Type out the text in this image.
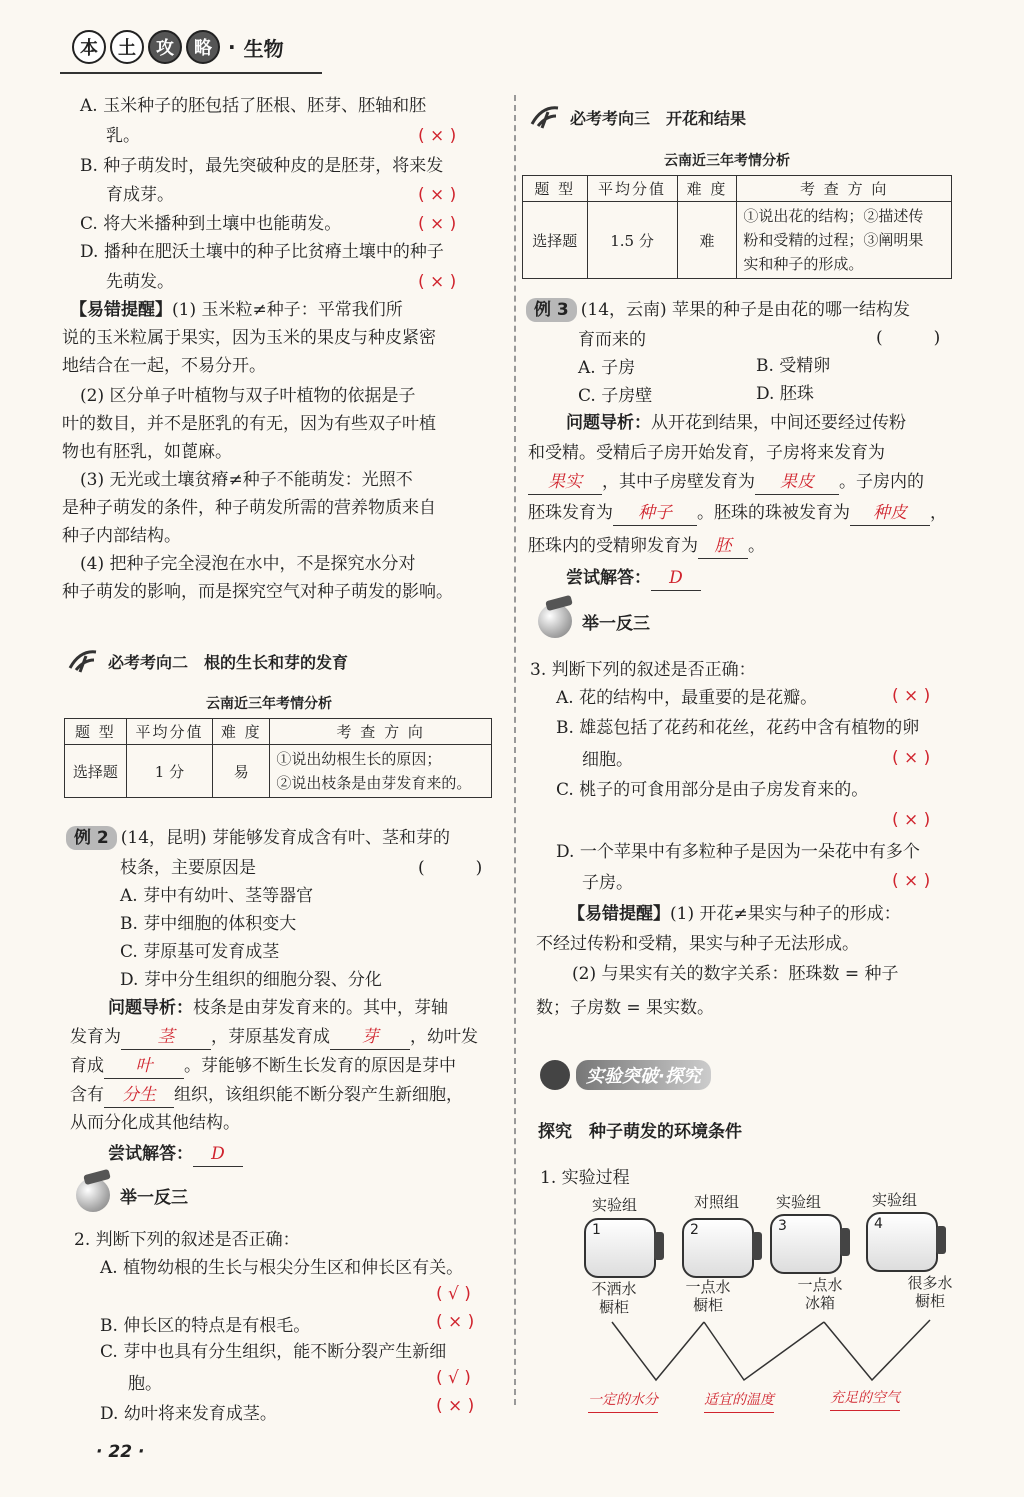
本	土	攻	略 · 生物
A. 玉米种子的胚包括了胚根、胚芽、胚轴和胚
乳。	( × )
B. 种子萌发时，最先突破种皮的是胚芽，将来发
育成芽。	( × )
C. 将大米播种到土壤中也能萌发。	( × )
D. 播种在肥沃土壤中的种子比贫瘠土壤中的种子
先萌发。	( × )
【易错提醒】(1) 玉米粒≠种子：平常我们所
说的玉米粒属于果实，因为玉米的果皮与种皮紧密
地结合在一起，不易分开。
(2) 区分单子叶植物与双子叶植物的依据是子
叶的数目，并不是胚乳的有无，因为有些双子叶植
物也有胚乳，如蓖麻。
(3) 无光或土壤贫瘠≠种子不能萌发：光照不
是种子萌发的条件，种子萌发所需的营养物质来自
种子内部结构。
(4) 把种子完全浸泡在水中，不是探究水分对
种子萌发的影响，而是探究空气对种子萌发的影响。
必考考向二　根的生长和芽的发育
云南近三年考情分析
题 型	平均分值	难 度	考 查 方 向
选择题	1 分	易	①说出幼根生长的原因；
②说出枝条是由芽发育来的。
例 2 (14，昆明) 芽能够发育成含有叶、茎和芽的
枝条，主要原因是	(　　　)
A. 芽中有幼叶、茎等器官
B. 芽中细胞的体积变大
C. 芽原基可发育成茎
D. 芽中分生组织的细胞分裂、分化
问题导析：枝条是由芽发育来的。其中，芽轴
发育为 茎 ，芽原基发育成 芽 ，幼叶发
育成 叶 。芽能够不断生长发育的原因是芽中
含有 分生 组织，该组织能不断分裂产生新细胞，
从而分化成其他结构。
尝试解答： D
举一反三
2. 判断下列的叙述是否正确：
A. 植物幼根的生长与根尖分生区和伸长区有关。
( √ )
B. 伸长区的特点是有根毛。	( × )
C. 芽中也具有分生组织，能不断分裂产生新细
胞。	( √ )
D. 幼叶将来发育成茎。	( × )
· 22 ·
必考考向三　开花和结果
云南近三年考情分析
题 型	平均分值	难 度	考 查 方 向
选择题	1.5 分	难	①说出花的结构；②描述传
粉和受精的过程；③阐明果
实和种子的形成。
例 3 (14，云南) 苹果的种子是由花的哪一结构发
育而来的	(　　　)
A. 子房	B. 受精卵
C. 子房壁	D. 胚珠
问题导析：从开花到结果，中间还要经过传粉
和受精。受精后子房开始发育，子房将来发育为
果实 ，其中子房壁发育为 果皮 。子房内的
胚珠发育为 种子 。胚珠的珠被发育为 种皮 ，
胚珠内的受精卵发育为 胚 。
尝试解答： D
举一反三
3. 判断下列的叙述是否正确：
A. 花的结构中，最重要的是花瓣。	( × )
B. 雄蕊包括了花药和花丝，花药中含有植物的卵
细胞。	( × )
C. 桃子的可食用部分是由子房发育来的。
( × )
D. 一个苹果中有多粒种子是因为一朵花中有多个
子房。	( × )
【易错提醒】(1) 开花≠果实与种子的形成：
不经过传粉和受精，果实与种子无法形成。
(2) 与果实有关的数字关系：胚珠数 = 种子
数；子房数 = 果实数。
实验突破·探究
探究　种子萌发的环境条件
1. 实验过程
实验组	对照组 实验组	实验组
1	2	3	4
不洒水
橱柜
一点水
橱柜
一点水
冰箱
很多水
橱柜
一定的水分	适宜的温度	充足的空气
